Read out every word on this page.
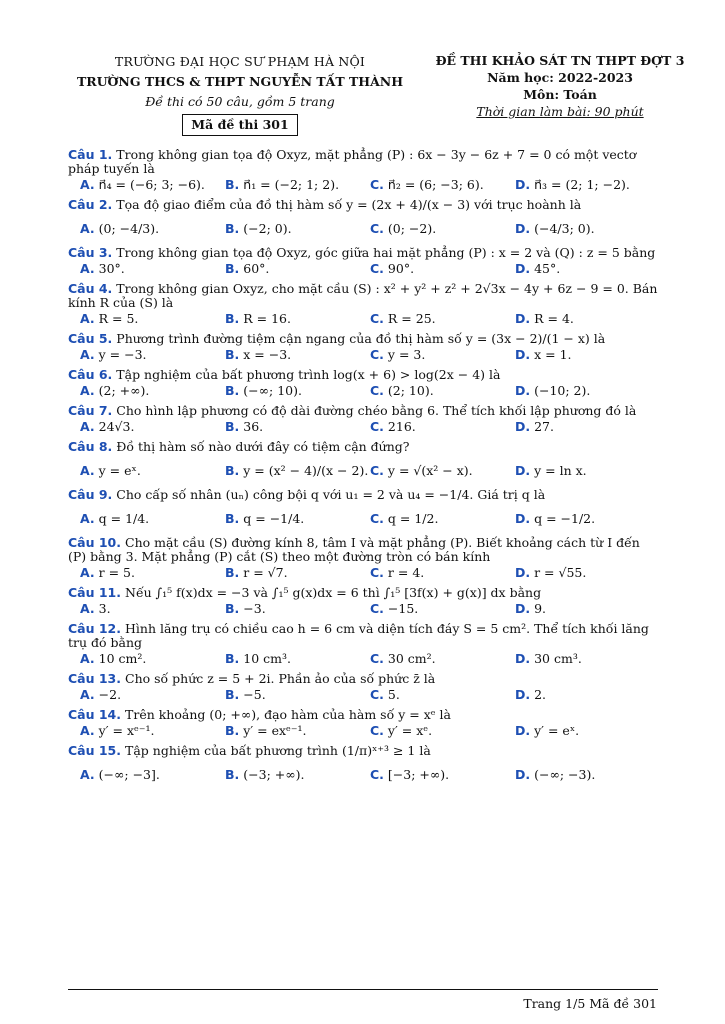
TRƯỜNG ĐẠI HỌC SƯ PHẠM HÀ NỘI
TRƯỜNG THCS & THPT NGUYỄN TẤT THÀNH
Đề thi có 50 câu, gồm 5 trang
Mã đề thi 301
ĐỀ THI KHẢO SÁT TN THPT ĐỢT 3
Năm học: 2022-2023
Môn: Toán
Thời gian làm bài: 90 phút
Câu 1. Trong không gian tọa độ Oxyz, mặt phẳng (P) : 6x − 3y − 6z + 7 = 0 có một vectơ pháp tuyến là
A. n⃗₄ = (−6; 3; −6).	B. n⃗₁ = (−2; 1; 2).	C. n⃗₂ = (6; −3; 6).	D. n⃗₃ = (2; 1; −2).
Câu 2. Tọa độ giao điểm của đồ thị hàm số y = (2x + 4)/(x − 3) với trục hoành là
A. (0; −4/3).	B. (−2; 0).	C. (0; −2).	D. (−4/3; 0).
Câu 3. Trong không gian tọa độ Oxyz, góc giữa hai mặt phẳng (P) : x = 2 và (Q) : z = 5 bằng
A. 30°.	B. 60°.	C. 90°.	D. 45°.
Câu 4. Trong không gian Oxyz, cho mặt cầu (S) : x² + y² + z² + 2√3x − 4y + 6z − 9 = 0. Bán kính R của (S) là
A. R = 5.	B. R = 16.	C. R = 25.	D. R = 4.
Câu 5. Phương trình đường tiệm cận ngang của đồ thị hàm số y = (3x − 2)/(1 − x) là
A. y = −3.	B. x = −3.	C. y = 3.	D. x = 1.
Câu 6. Tập nghiệm của bất phương trình log(x + 6) > log(2x − 4) là
A. (2; +∞).	B. (−∞; 10).	C. (2; 10).	D. (−10; 2).
Câu 7. Cho hình lập phương có độ dài đường chéo bằng 6. Thể tích khối lập phương đó là
A. 24√3.	B. 36.	C. 216.	D. 27.
Câu 8. Đồ thị hàm số nào dưới đây có tiệm cận đứng?
A. y = eˣ.	B. y = (x² − 4)/(x − 2). C. y = √(x² − x).	D. y = ln x.
Câu 9. Cho cấp số nhân (uₙ) công bội q với u₁ = 2 và u₄ = −1/4. Giá trị q là
A. q = 1/4.	B. q = −1/4.	C. q = 1/2.	D. q = −1/2.
Câu 10. Cho mặt cầu (S) đường kính 8, tâm I và mặt phẳng (P). Biết khoảng cách từ I đến (P) bằng 3. Mặt phẳng (P) cắt (S) theo một đường tròn có bán kính
A. r = 5.	B. r = √7.	C. r = 4.	D. r = √55.
Câu 11. Nếu ∫₁⁵ f(x)dx = −3 và ∫₁⁵ g(x)dx = 6 thì ∫₁⁵ [3f(x) + g(x)] dx bằng
A. 3.	B. −3.	C. −15.	D. 9.
Câu 12. Hình lăng trụ có chiều cao h = 6 cm và diện tích đáy S = 5 cm². Thể tích khối lăng trụ đó bằng
A. 10 cm².	B. 10 cm³.	C. 30 cm².	D. 30 cm³.
Câu 13. Cho số phức z = 5 + 2i. Phần ảo của số phức z̄ là
A. −2.	B. −5.	C. 5.	D. 2.
Câu 14. Trên khoảng (0; +∞), đạo hàm của hàm số y = xᵉ là
A. y′ = xᵉ⁻¹.	B. y′ = exᵉ⁻¹.	C. y′ = xᵉ.	D. y′ = eˣ.
Câu 15. Tập nghiệm của bất phương trình (1/π)ˣ⁺³ ≥ 1 là
A. (−∞; −3].	B. (−3; +∞).	C. [−3; +∞).	D. (−∞; −3).
Trang 1/5 Mã đề 301
